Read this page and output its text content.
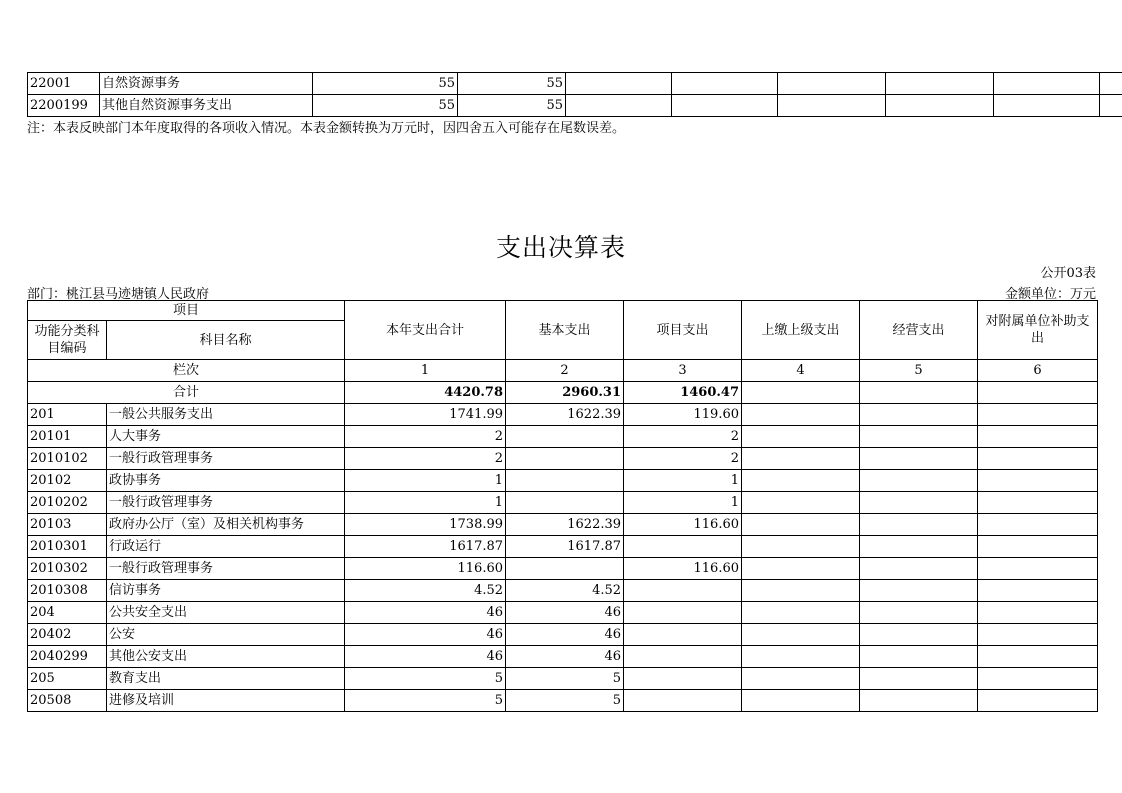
22001	自然资源事务	55	55						
2200199	其他自然资源事务支出	55	55						
注：本表反映部门本年度取得的各项收入情况。本表金额转换为万元时，因四舍五入可能存在尾数误差。
支出决算表
公开03表
部门：桃江县马迹塘镇人民政府	金额单位：万元
项目		本年支出合计	基本支出	项目支出	上缴上级支出	经营支出	对附属单位补助支出
功能分类科目编码	科目名称						
栏次		1	2	3	4	5	6
合计		4420.78	2960.31	1460.47			
201	一般公共服务支出	1741.99	1622.39	119.60			
20101	人大事务	2		2			
2010102	一般行政管理事务	2		2			
20102	政协事务	1		1			
2010202	一般行政管理事务	1		1			
20103	政府办公厅（室）及相关机构事务	1738.99	1622.39	116.60			
2010301	行政运行	1617.87	1617.87				
2010302	一般行政管理事务	116.60		116.60			
2010308	信访事务	4.52	4.52				
204	公共安全支出	46	46				
20402	公安	46	46				
2040299	其他公安支出	46	46				
205	教育支出	5	5				
20508	进修及培训	5	5				
